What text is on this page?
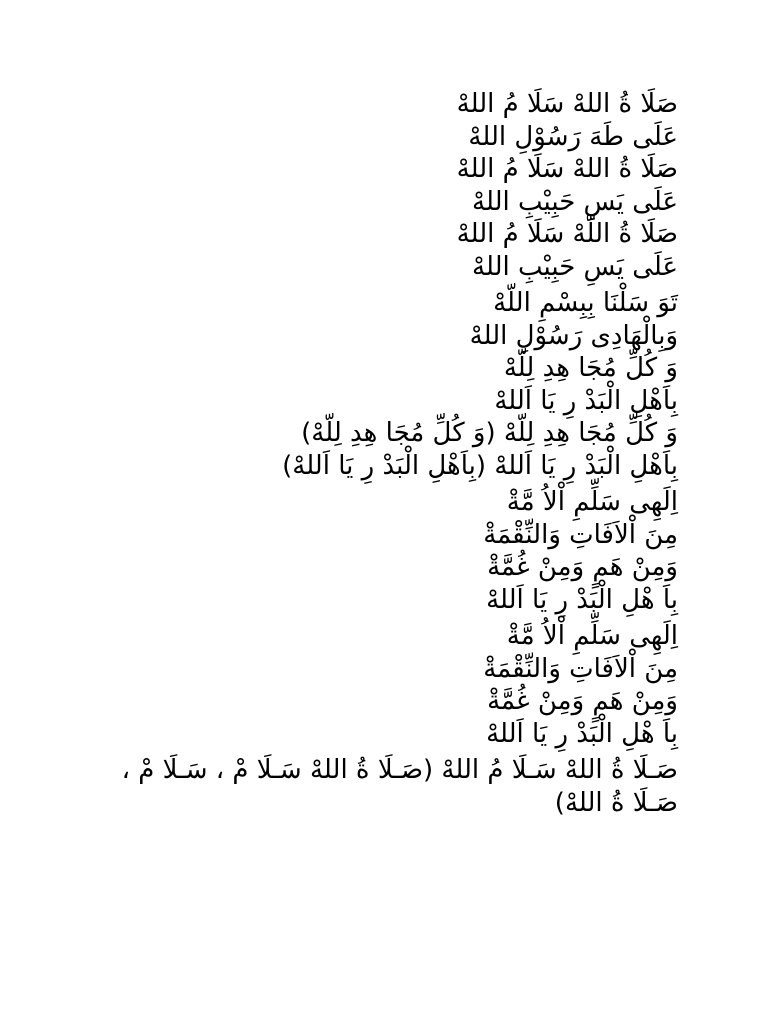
صَلَا ةُ اللهْ سَلَا مُ اللهْ
عَلَى طَهَ رَسُوْلِ اللهْ
صَلَا ةُ اللهْ سَلَا مُ اللهْ
عَلَى يَسِ حَبِيْبِ اللهْ
صَلَا ةُ اللّهْ سَلَا مُ اللهْ
عَلَى يَسِ حَبِيْبِ اللهْ
تَوَ سَلْنَا بِبِسْمِ اللّهْ
وَبِالْهَادِى رَسُوْلِ اللهْ
وَ كُلِّ مُجَا هِدِ لِلّهْ
بِاَهْلِ الْبَدْ رِ يَا اَللهْ
وَ كُلِّ مُجَا هِدِ لِلّهْ (وَ كُلِّ مُجَا هِدِ لِلّهْ)
بِاَهْلِ الْبَدْ رِ يَا اَللهْ (بِاَهْلِ الْبَدْ رِ يَا اَللهْ)
اِلَهِى سَلِّمِ اْلاُ مَّةْ
مِنَ اْلاَفَاتِ وَالنِّقْمَةْ
وَمِنْ هَمٍ وَمِنْ غُمَّةْ
بِاَ هْلِ الْبَدْ رِ يَا اَللهْ
اِلَهِى سَلِّمِ اْلاُ مَّةْ
مِنَ اْلاَفَاتِ وَالنِّقْمَةْ
وَمِنْ هَمٍ وَمِنْ غُمَّةْ
بِاَ هْلِ الْبَدْ رِ يَا اَللهْ
صَـلَا ةُ اللهْ سَـلَا مُ اللهْ (صَـلَا ةُ اللهْ سَـلَا مْ ، سَـلَا مْ ، صَـلَا ةُ اللهْ)
